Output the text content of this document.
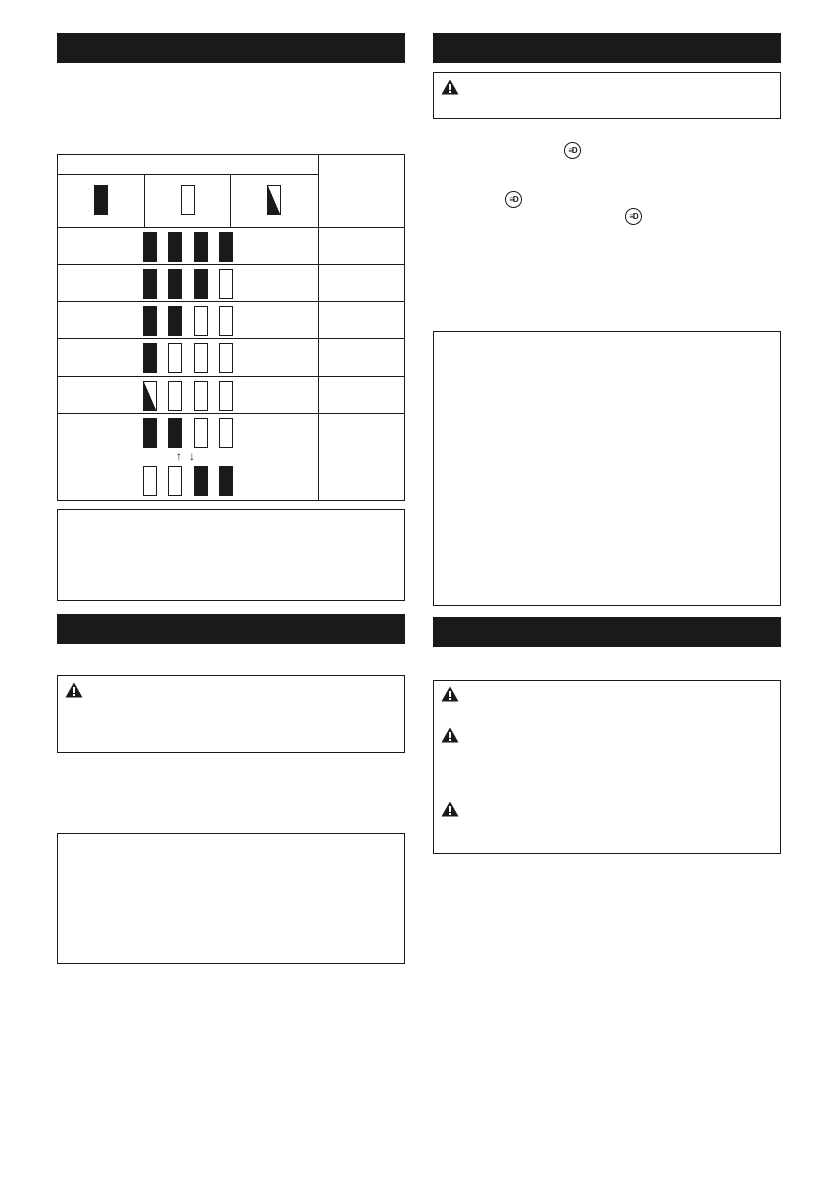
↑ ↓
≡D
≡D
≡D
